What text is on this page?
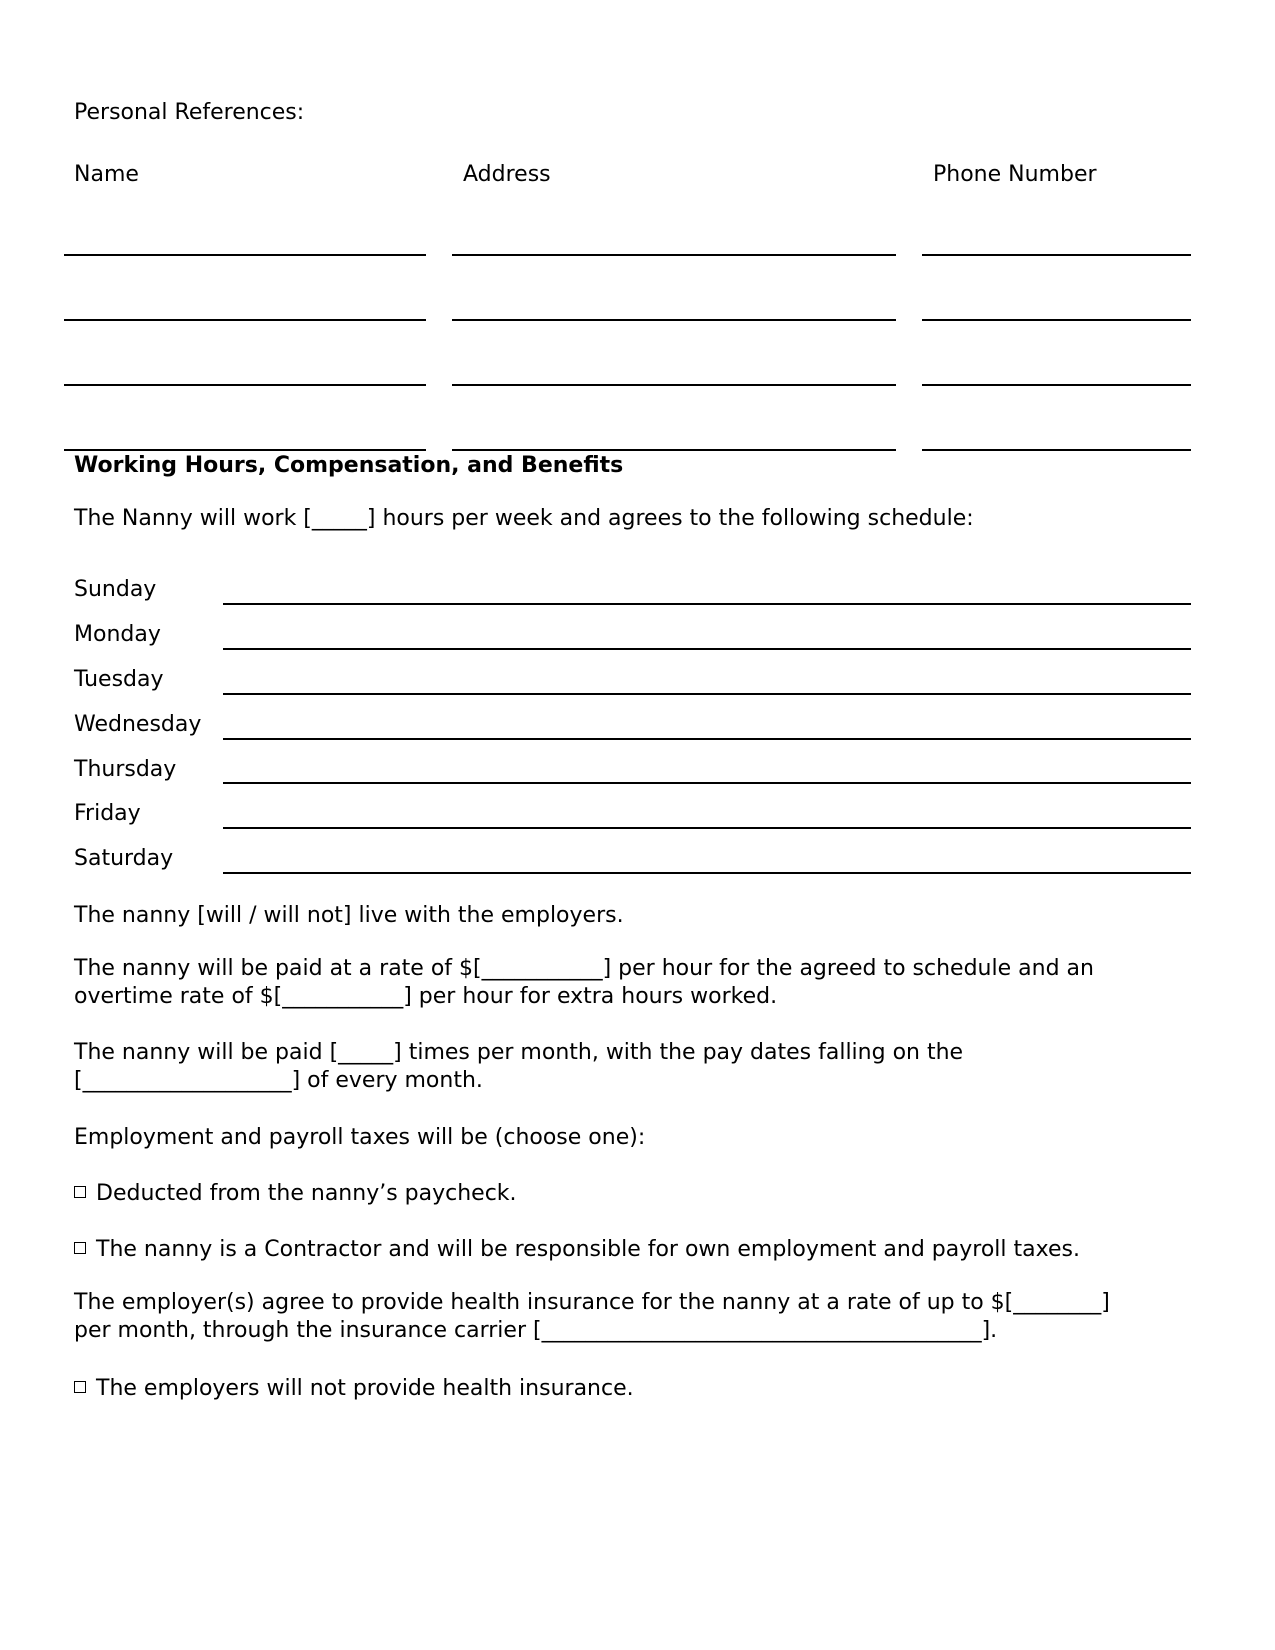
Personal References:
Name	Address	Phone Number
Working Hours, Compensation, and Benefits
The Nanny will work [_____] hours per week and agrees to the following schedule:
Sunday
Monday
Tuesday
Wednesday
Thursday
Friday
Saturday
The nanny [will / will not] live with the employers.
The nanny will be paid at a rate of $[___________] per hour for the agreed to schedule and an
overtime rate of $[___________] per hour for extra hours worked.
The nanny will be paid [_____] times per month, with the pay dates falling on the
[___________________] of every month.
Employment and payroll taxes will be (choose one):
Deducted from the nanny’s paycheck.
The nanny is a Contractor and will be responsible for own employment and payroll taxes.
The employer(s) agree to provide health insurance for the nanny at a rate of up to $[________]
per month, through the insurance carrier [________________________________________].
The employers will not provide health insurance.
